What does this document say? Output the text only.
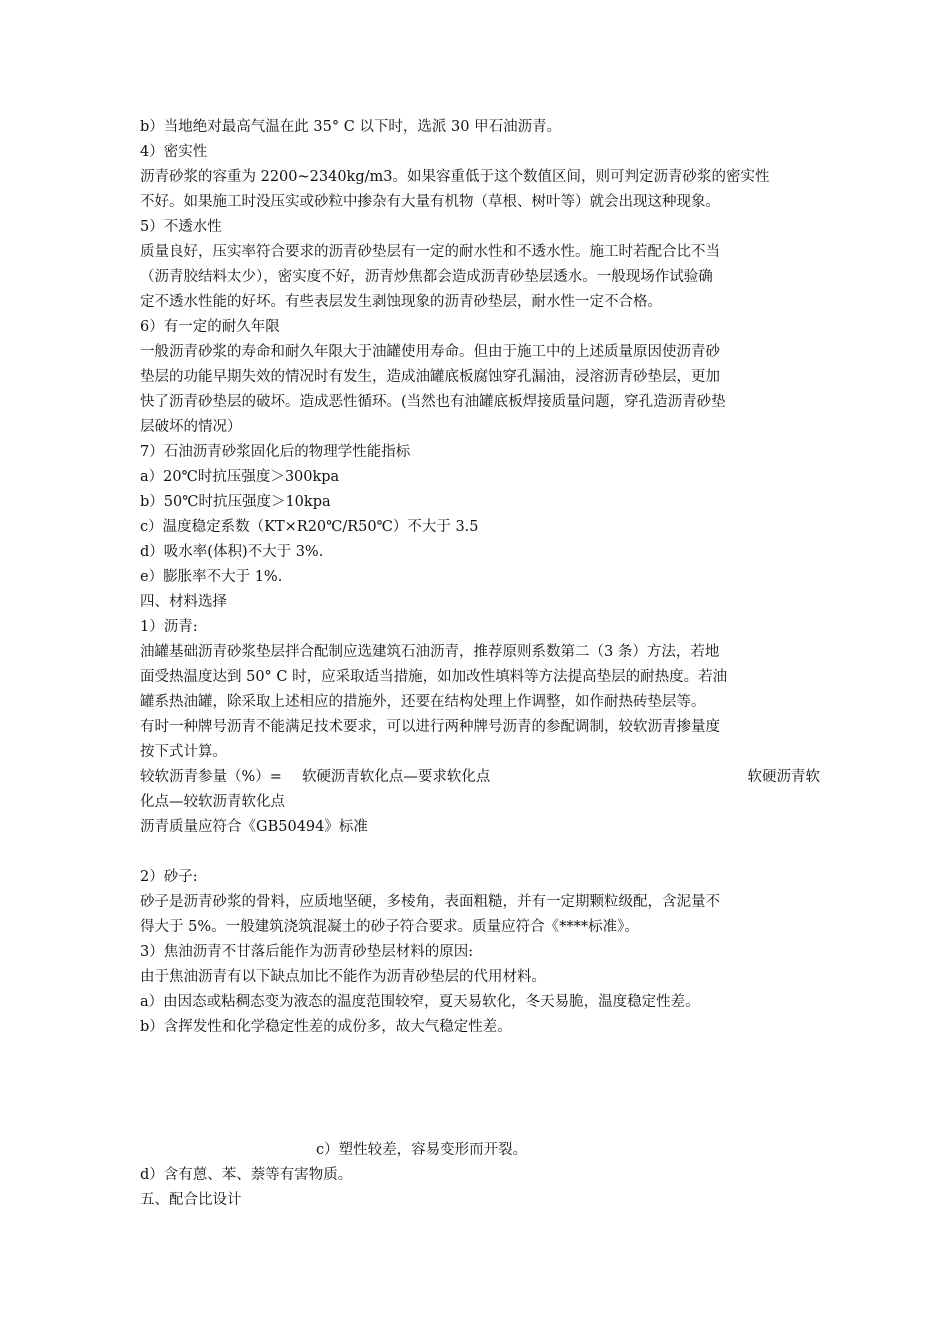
b）当地绝对最高气温在此 35° C 以下时，选派 30 甲石油沥青。
4）密实性
沥青砂浆的容重为 2200~2340kg/m3。如果容重低于这个数值区间，则可判定沥青砂浆的密实性
不好。如果施工时没压实或砂粒中掺杂有大量有机物（草根、树叶等）就会出现这种现象。
5）不透水性
质量良好，压实率符合要求的沥青砂垫层有一定的耐水性和不透水性。施工时若配合比不当
（沥青胶结料太少），密实度不好，沥青炒焦都会造成沥青砂垫层透水。一般现场作试验确
定不透水性能的好坏。有些表层发生剥蚀现象的沥青砂垫层，耐水性一定不合格。
6）有一定的耐久年限
一般沥青砂浆的寿命和耐久年限大于油罐使用寿命。但由于施工中的上述质量原因使沥青砂
垫层的功能早期失效的情况时有发生，造成油罐底板腐蚀穿孔漏油，浸溶沥青砂垫层，更加
快了沥青砂垫层的破坏。造成恶性循环。(当然也有油罐底板焊接质量问题，穿孔造沥青砂垫
层破坏的情况）
7）石油沥青砂浆固化后的物理学性能指标
a）20℃时抗压强度＞300kpa
b）50℃时抗压强度＞10kpa
c）温度稳定系数（KT×R20℃/R50℃）不大于 3.5
d）吸水率(体积)不大于 3%.
e）膨胀率不大于 1%.
四、材料选择
1）沥青:
油罐基础沥青砂浆垫层拌合配制应选建筑石油沥青，推荐原则系数第二（3 条）方法，若地
面受热温度达到 50° C 时，应采取适当措施，如加改性填料等方法提高垫层的耐热度。若油
罐系热油罐，除采取上述相应的措施外，还要在结构处理上作调整，如作耐热砖垫层等。
有时一种牌号沥青不能满足技术要求，可以进行两种牌号沥青的参配调制，较软沥青掺量度
按下式计算。
较软沥青参量（%）= 软硬沥青软化点—要求软化点	软硬沥青软
化点—较软沥青软化点
沥青质量应符合《GB50494》标准
2）砂子:
砂子是沥青砂浆的骨料，应质地坚硬，多棱角，表面粗糙，并有一定期颗粒级配，含泥量不
得大于 5%。一般建筑浇筑混凝土的砂子符合要求。质量应符合《****标准》。
3）焦油沥青不甘落后能作为沥青砂垫层材料的原因:
由于焦油沥青有以下缺点加比不能作为沥青砂垫层的代用材料。
a）由因态或粘稠态变为液态的温度范围较窄，夏天易软化，冬天易脆，温度稳定性差。
b）含挥发性和化学稳定性差的成份多，故大气稳定性差。
c）塑性较差，容易变形而开裂。
d）含有蒽、苯、萘等有害物质。
五、配合比设计
